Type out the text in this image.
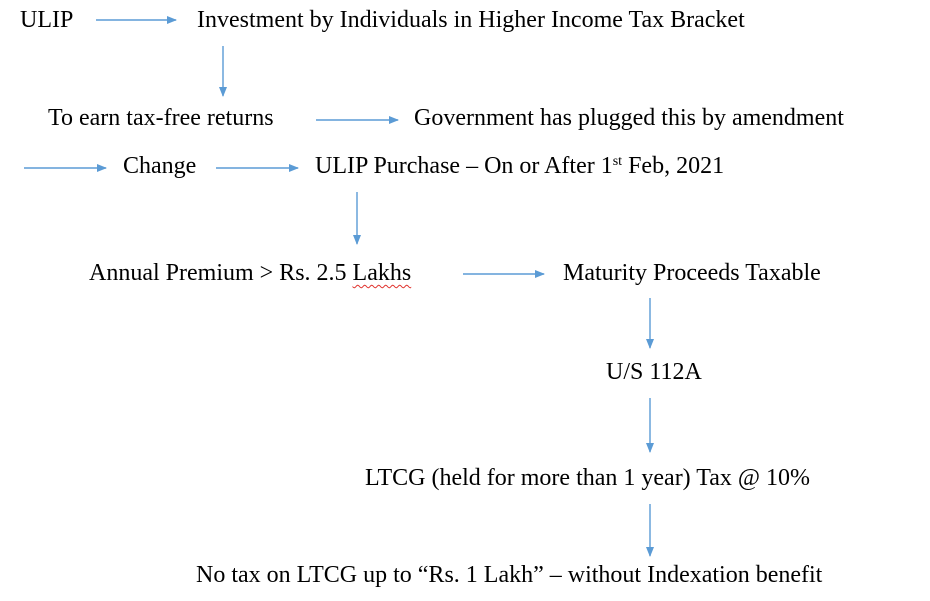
ULIP	Investment by Individuals in Higher Income Tax Bracket
To earn tax-free returns	Government has plugged this by amendment
Change	ULIP Purchase – On or After 1st Feb, 2021
Annual Premium > Rs. 2.5 Lakhs	Maturity Proceeds Taxable
U/S 112A
LTCG (held for more than 1 year) Tax @ 10%
No tax on LTCG up to “Rs. 1 Lakh” – without Indexation benefit
